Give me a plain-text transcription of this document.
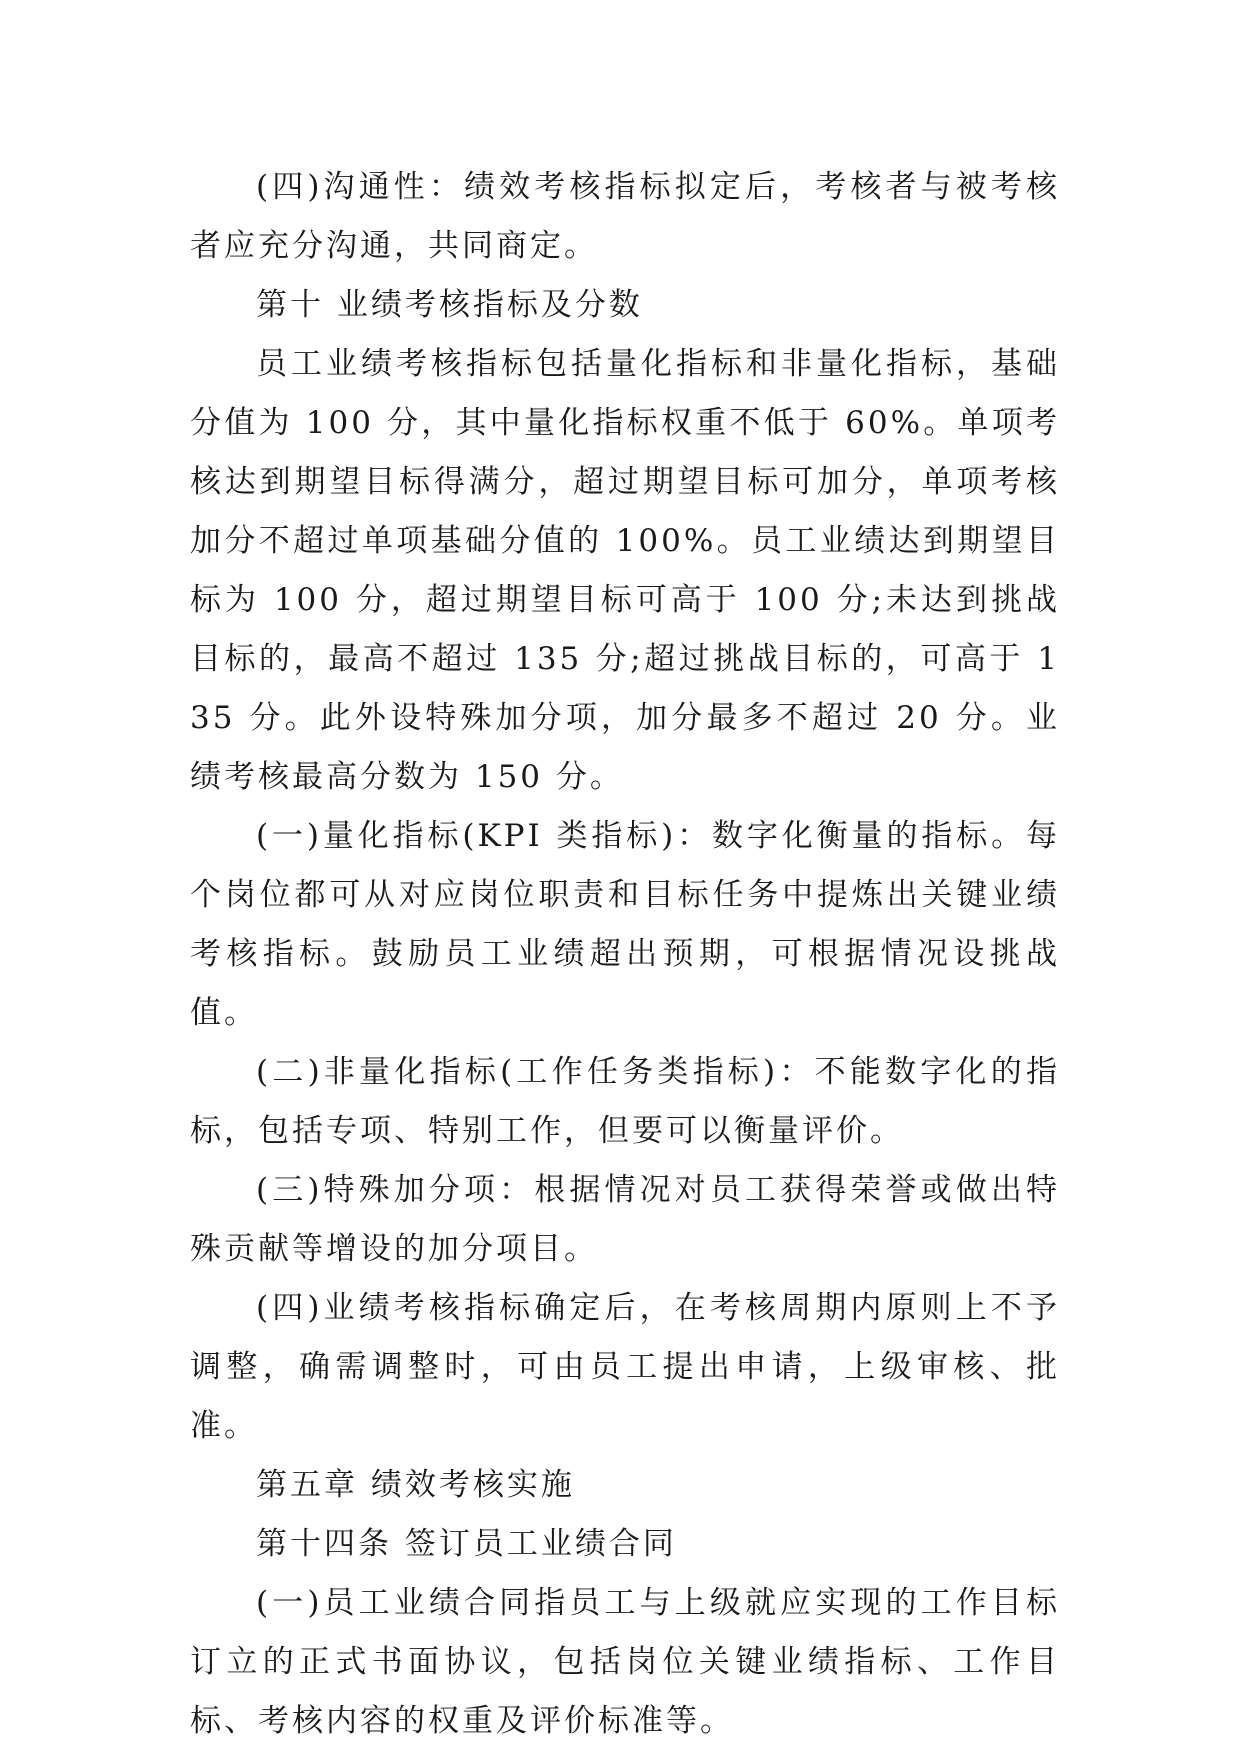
(四)沟通性：绩效考核指标拟定后，考核者与被考核者应充分沟通，共同商定。

第十 业绩考核指标及分数

员工业绩考核指标包括量化指标和非量化指标，基础分值为 100 分，其中量化指标权重不低于 60%。单项考核达到期望目标得满分，超过期望目标可加分，单项考核加分不超过单项基础分值的 100%。员工业绩达到期望目标为 100 分，超过期望目标可高于 100 分;未达到挑战目标的，最高不超过 135 分;超过挑战目标的，可高于 135 分。此外设特殊加分项，加分最多不超过 20 分。业绩考核最高分数为 150 分。

(一)量化指标(KPI 类指标)：数字化衡量的指标。每个岗位都可从对应岗位职责和目标任务中提炼出关键业绩考核指标。鼓励员工业绩超出预期，可根据情况设挑战值。

(二)非量化指标(工作任务类指标)：不能数字化的指标，包括专项、特别工作，但要可以衡量评价。

(三)特殊加分项：根据情况对员工获得荣誉或做出特殊贡献等增设的加分项目。

(四)业绩考核指标确定后，在考核周期内原则上不予调整，确需调整时，可由员工提出申请，上级审核、批准。

第五章 绩效考核实施

第十四条 签订员工业绩合同

(一)员工业绩合同指员工与上级就应实现的工作目标订立的正式书面协议，包括岗位关键业绩指标、工作目标、考核内容的权重及评价标准等。
